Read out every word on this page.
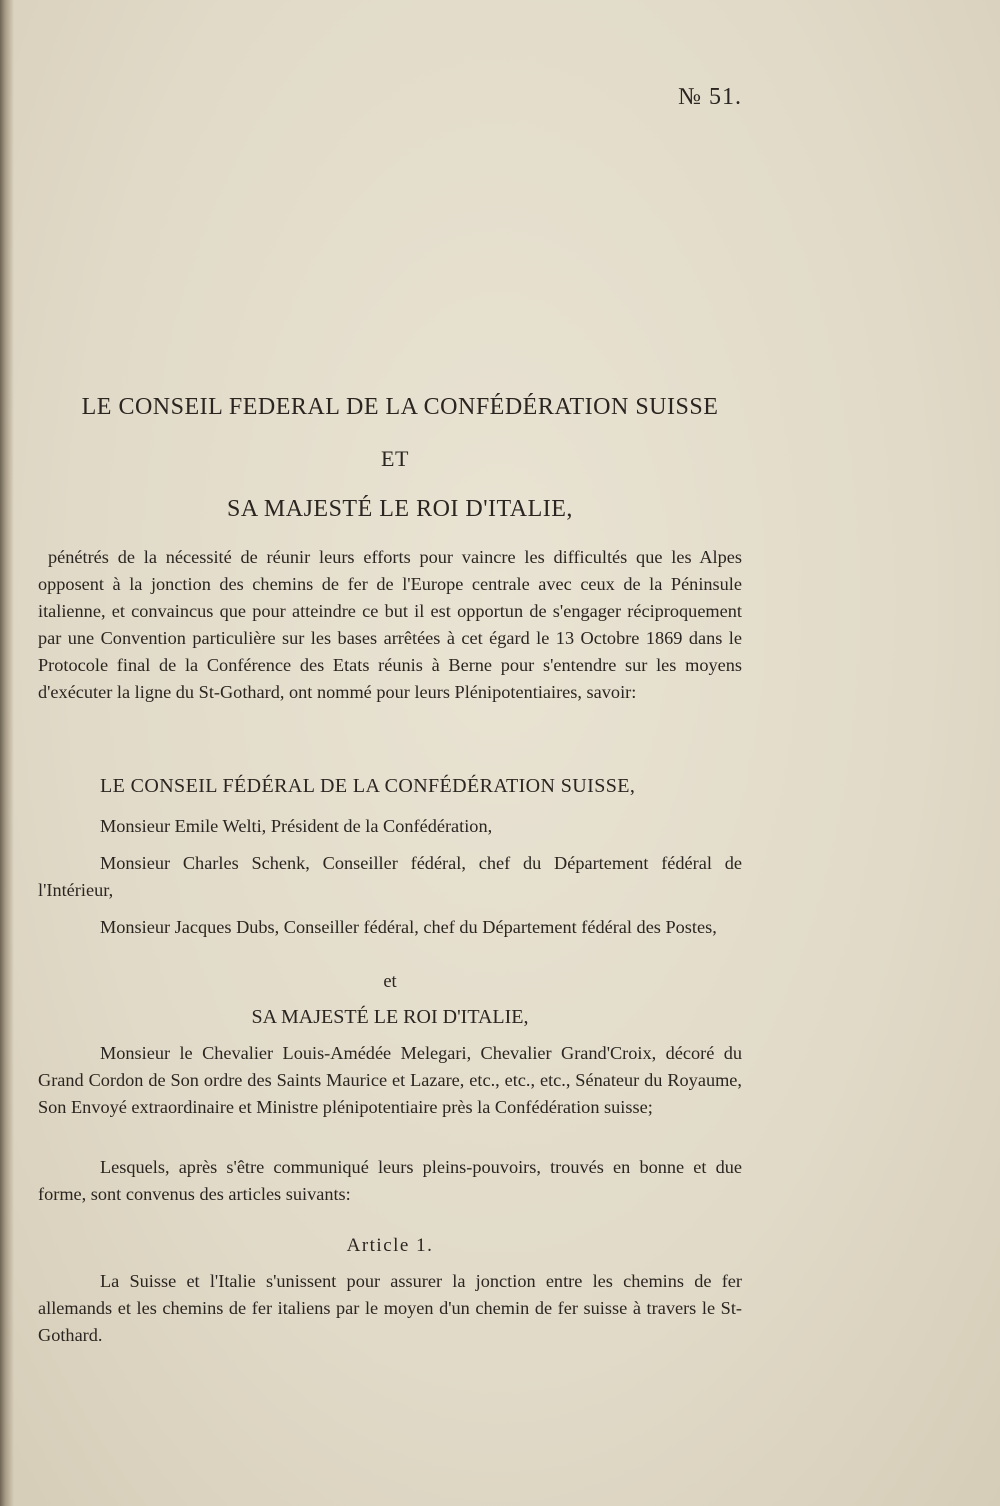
№ 51.
LE CONSEIL FEDERAL DE LA CONFÉDÉRATION SUISSE
ET
SA MAJESTÉ LE ROI D'ITALIE,
pénétrés de la nécessité de réunir leurs efforts pour vaincre les difficultés que les Alpes opposent à la jonction des chemins de fer de l'Europe centrale avec ceux de la Péninsule italienne, et convaincus que pour atteindre ce but il est opportun de s'engager réciproquement par une Convention particulière sur les bases arrêtées à cet égard le 13 Octobre 1869 dans le Protocole final de la Conférence des Etats réunis à Berne pour s'entendre sur les moyens d'exécuter la ligne du St-Gothard, ont nommé pour leurs Plénipotentiaires, savoir:
LE CONSEIL FÉDÉRAL DE LA CONFÉDÉRATION SUISSE,
Monsieur Emile Welti, Président de la Confédération,
Monsieur Charles Schenk, Conseiller fédéral, chef du Département fédéral de l'Intérieur,
Monsieur Jacques Dubs, Conseiller fédéral, chef du Département fédéral des Postes,
et
SA MAJESTÉ LE ROI D'ITALIE,
Monsieur le Chevalier Louis-Amédée Melegari, Chevalier Grand'Croix, décoré du Grand Cordon de Son ordre des Saints Maurice et Lazare, etc., etc., etc., Sénateur du Royaume, Son Envoyé extraordinaire et Ministre plénipotentiaire près la Confédération suisse;
Lesquels, après s'être communiqué leurs pleins-pouvoirs, trouvés en bonne et due forme, sont convenus des articles suivants:
Article 1.
La Suisse et l'Italie s'unissent pour assurer la jonction entre les chemins de fer allemands et les chemins de fer italiens par le moyen d'un chemin de fer suisse à travers le St-Gothard.
